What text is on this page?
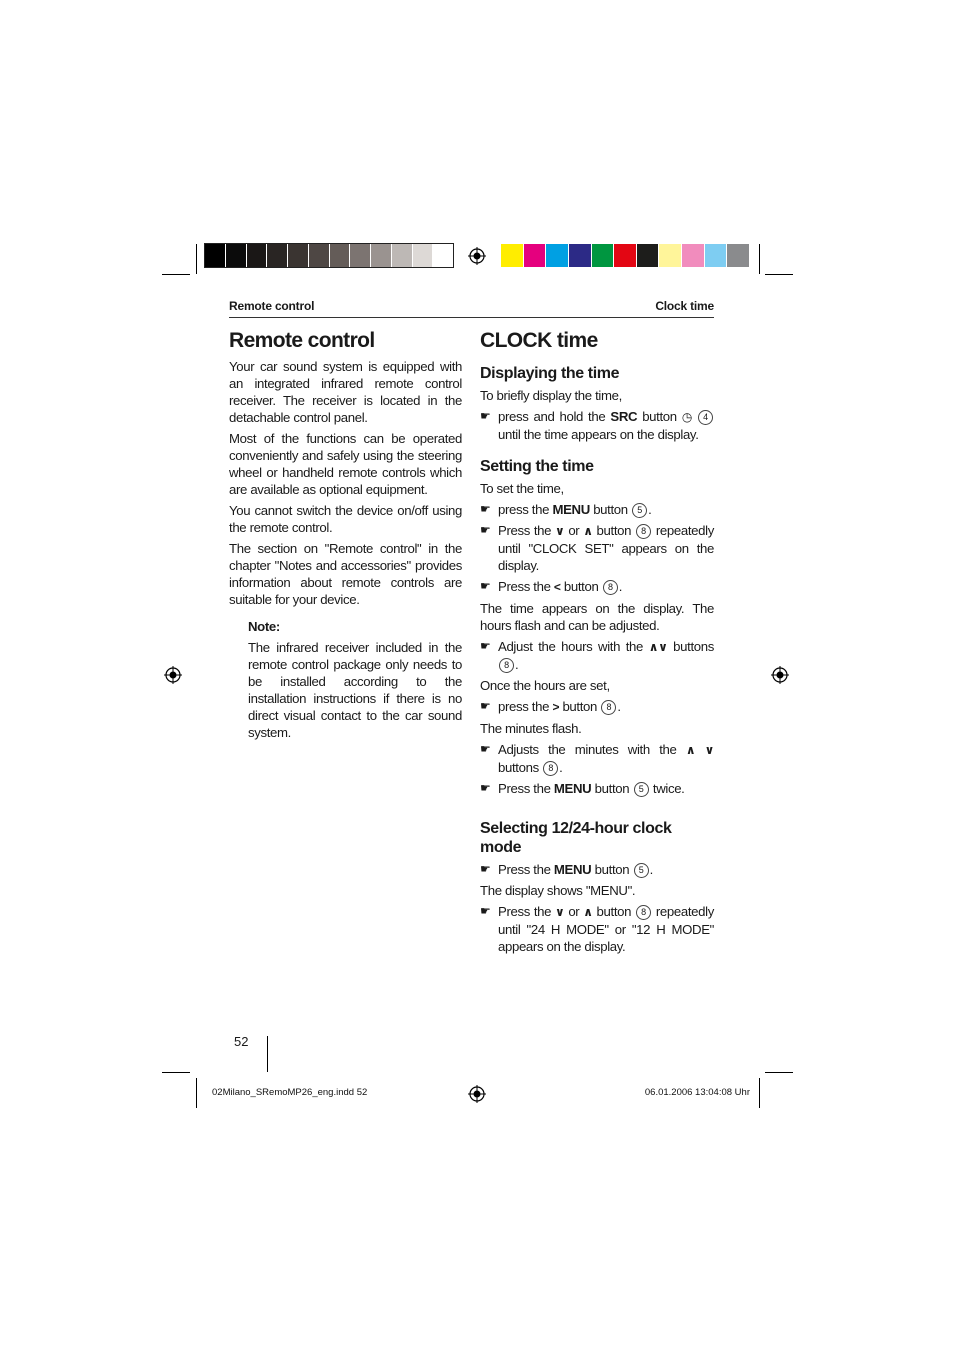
Remote control	Clock time
Remote control

Your car sound system is equipped with an integrated infrared remote control receiver. The receiver is located in the detachable control panel.

Most of the functions can be operated conveniently and safely using the steering wheel or handheld remote controls which are available as optional equipment.

You cannot switch the device on/off using the remote control.

The section on "Remote control" in the chapter "Notes and accessories" provides information about remote controls are suitable for your device.

Note:

The infrared receiver included in the remote control package only needs to be installed according to the installation instructions if there is no direct visual contact to the car sound system.

CLOCK time
Displaying the time

To briefly display the time,

☛ press and hold the SRC button ◷ 4 until the time appears on the display.
Setting the time

To set the time,

☛ press the MENU button 5 .
☛ Press the ∨ or ∧ button 8 repeatedly until "CLOCK SET" appears on the display.
☛ Press the < button 8 .

The time appears on the display. The hours flash and can be adjusted.

☛ Adjust the hours with the ∧∨ buttons 8 .

Once the hours are set,

☛ press the > button 8 .

The minutes flash.

☛ Adjusts the minutes with the ∧ ∨ buttons 8 .
☛ Press the MENU button 5 twice.
Selecting 12/24-hour clock mode
☛ Press the MENU button 5 .

The display shows "MENU".

☛ Press the ∨ or ∧ button 8 repeatedly until "24 H MODE" or "12 H MODE" appears on the display.
52
02Milano_SRemoMP26_eng.indd 52	06.01.2006 13:04:08 Uhr
